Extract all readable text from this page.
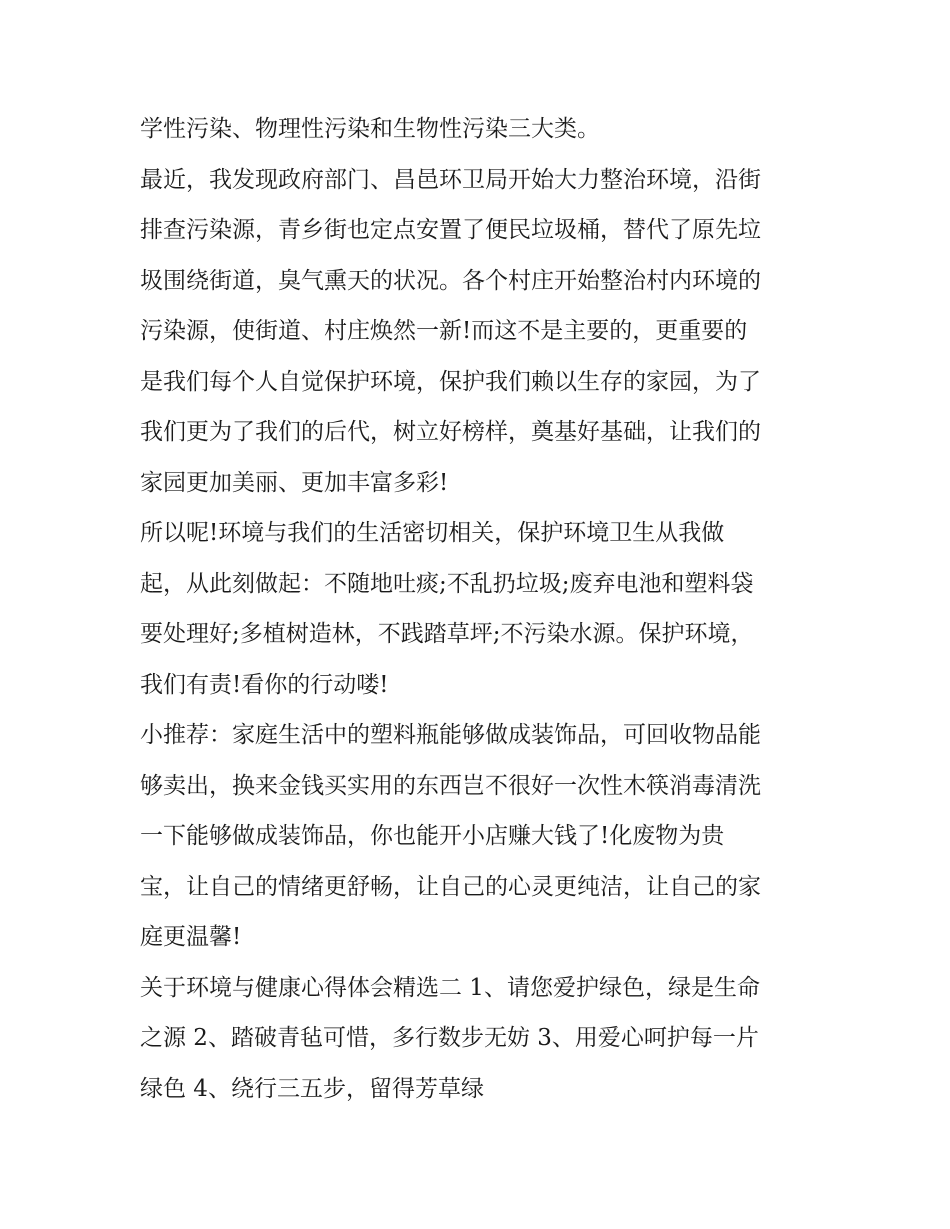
学性污染、物理性污染和生物性污染三大类。
最近，我发现政府部门、昌邑环卫局开始大力整治环境，沿街
排查污染源，青乡街也定点安置了便民垃圾桶，替代了原先垃
圾围绕街道，臭气熏天的状况。各个村庄开始整治村内环境的
污染源，使街道、村庄焕然一新!而这不是主要的，更重要的
是我们每个人自觉保护环境，保护我们赖以生存的家园，为了
我们更为了我们的后代，树立好榜样，奠基好基础，让我们的
家园更加美丽、更加丰富多彩!
所以呢!环境与我们的生活密切相关，保护环境卫生从我做
起，从此刻做起：不随地吐痰;不乱扔垃圾;废弃电池和塑料袋
要处理好;多植树造林，不践踏草坪;不污染水源。保护环境，
我们有责!看你的行动喽!
小推荐：家庭生活中的塑料瓶能够做成装饰品，可回收物品能
够卖出，换来金钱买实用的东西岂不很好一次性木筷消毒清洗
一下能够做成装饰品，你也能开小店赚大钱了!化废物为贵
宝，让自己的情绪更舒畅，让自己的心灵更纯洁，让自己的家
庭更温馨!
关于环境与健康心得体会精选二 1、请您爱护绿色，绿是生命
之源 2、踏破青毡可惜，多行数步无妨 3、用爱心呵护每一片
绿色 4、绕行三五步，留得芳草绿
